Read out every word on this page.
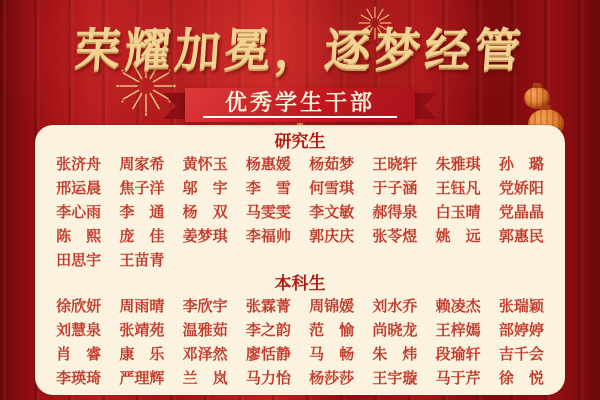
荣耀加冕，逐梦经管
优秀学生干部
研究生
张济舟	周家希	黄怀玉	杨惠媛	杨茹梦	王晓轩	朱雅琪	孙　璐
邢运晨	焦子洋	邬　宇	李　雪	何雪琪	于子涵	王钰凡	党娇阳
李心雨	李　通	杨　双	马雯雯	李文敏	郝得泉	白玉晴	党晶晶
陈　熙	庞　佳	姜梦琪	李福帅	郭庆庆	张苓煜	姚　远	郭惠民
田思宇	王苗青
本科生
徐欣妍	周雨晴	李欣宇	张霖菁	周锦媛	刘水乔	赖凌杰	张瑞颖
刘慧泉	张靖苑	温雅茹	李之韵	范　愉	尚晓龙	王梓嫣	部婷婷
肖　睿	康　乐	邓泽然	廖恬静	马　畅	朱　炜	段瑜轩	吉千会
李瑛琦	严理辉	兰　岚	马力怡	杨莎莎	王宇璇	马于芹	徐　悦
